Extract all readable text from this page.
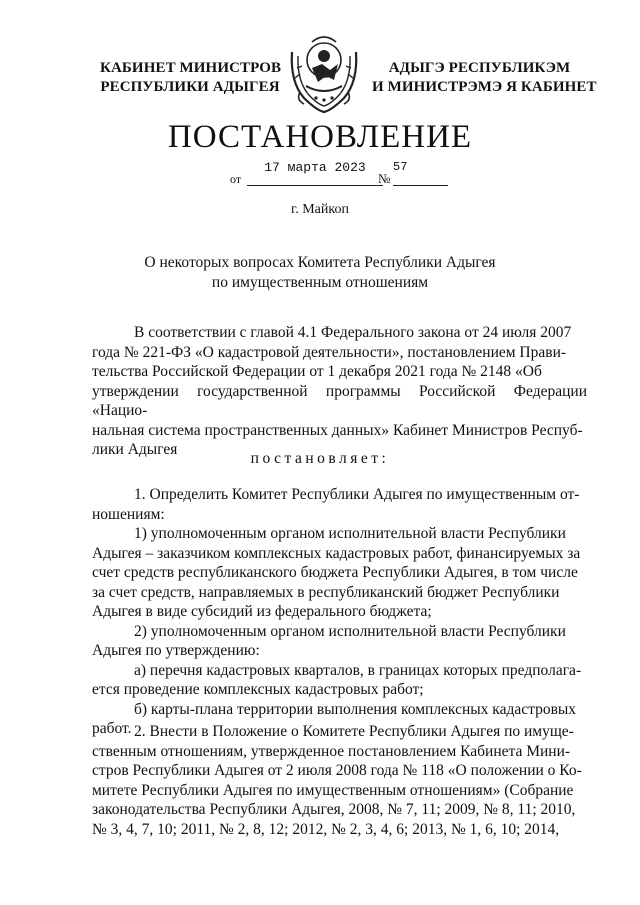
КАБИНЕТ МИНИСТРОВ
РЕСПУБЛИКИ АДЫГЕЯ
АДЫГЭ РЕСПУБЛИКЭМ
И МИНИСТРЭМЭ Я КАБИНЕТ
ПОСТАНОВЛЕНИЕ
от
17 марта 2023
№
57
г. Майкоп
О некоторых вопросах Комитета Республики Адыгея
по имущественным отношениям

В соответствии с главой 4.1 Федерального закона от 24 июля 2007

года № 221-ФЗ «О кадастровой деятельности», постановлением Прави-

тельства Российской Федерации от 1 декабря 2021 года № 2148 «Об

утверждении государственной программы Российской Федерации «Нацио-

нальная система пространственных данных» Кабинет Министров Респуб-

лики Адыгея

постановляет:

1. Определить Комитет Республики Адыгея по имущественным от-

ношениям:

1) уполномоченным органом исполнительной власти Республики

Адыгея – заказчиком комплексных кадастровых работ, финансируемых за

счет средств республиканского бюджета Республики Адыгея, в том числе

за счет средств, направляемых в республиканский бюджет Республики

Адыгея в виде субсидий из федерального бюджета;

2) уполномоченным органом исполнительной власти Республики

Адыгея по утверждению:

а) перечня кадастровых кварталов, в границах которых предполага-

ется проведение комплексных кадастровых работ;

б) карты-плана территории выполнения комплексных кадастровых

работ. 2. Внести в Положение о Комитете Республики Адыгея по имуще-

ственным отношениям, утвержденное постановлением Кабинета Мини-

стров Республики Адыгея от 2 июля 2008 года № 118 «О положении о Ко-

митете Республики Адыгея по имущественным отношениям» (Собрание

законодательства Республики Адыгея, 2008, № 7, 11; 2009, № 8, 11; 2010,

№ 3, 4, 7, 10; 2011, № 2, 8, 12; 2012, № 2, 3, 4, 6; 2013, № 1, 6, 10; 2014,
